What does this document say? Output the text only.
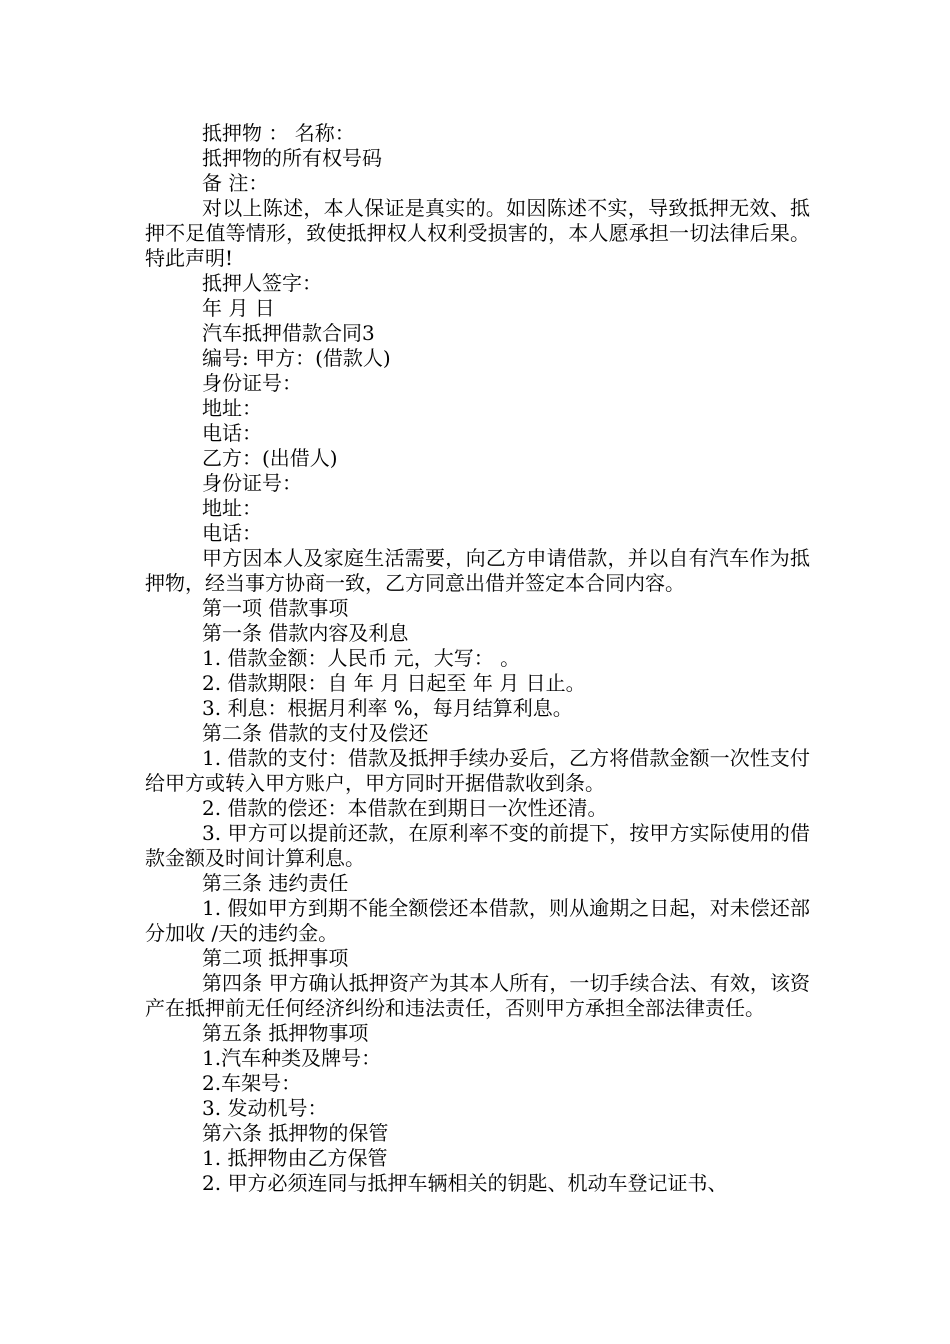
抵押物 ： 名称：

抵押物的所有权号码

备 注：

对以上陈述，本人保证是真实的。如因陈述不实，导致抵押无效、抵押不足值等情形，致使抵押权人权利受损害的，本人愿承担一切法律后果。 特此声明!

抵押人签字：

年 月 日

汽车抵押借款合同3

编号: 甲方：(借款人)

身份证号：

地址：

电话：

乙方：(出借人)

身份证号：

地址：

电话：

甲方因本人及家庭生活需要，向乙方申请借款，并以自有汽车作为抵押物，经当事方协商一致，乙方同意出借并签定本合同内容。

第一项 借款事项

第一条 借款内容及利息

1. 借款金额：人民币 元，大写： 。

2. 借款期限：自 年 月 日起至 年 月 日止。

3. 利息：根据月利率 %，每月结算利息。

第二条 借款的支付及偿还

1. 借款的支付：借款及抵押手续办妥后，乙方将借款金额一次性支付给甲方或转入甲方账户，甲方同时开据借款收到条。

2. 借款的偿还：本借款在到期日一次性还清。

3. 甲方可以提前还款，在原利率不变的前提下，按甲方实际使用的借款金额及时间计算利息。

第三条 违约责任

1. 假如甲方到期不能全额偿还本借款，则从逾期之日起，对未偿还部分加收 /天的违约金。

第二项 抵押事项

第四条 甲方确认抵押资产为其本人所有，一切手续合法、有效，该资产在抵押前无任何经济纠纷和违法责任，否则甲方承担全部法律责任。

第五条 抵押物事项

1.汽车种类及牌号：

2.车架号：

3. 发动机号：

第六条 抵押物的保管

1. 抵押物由乙方保管

2. 甲方必须连同与抵押车辆相关的钥匙、机动车登记证书、
